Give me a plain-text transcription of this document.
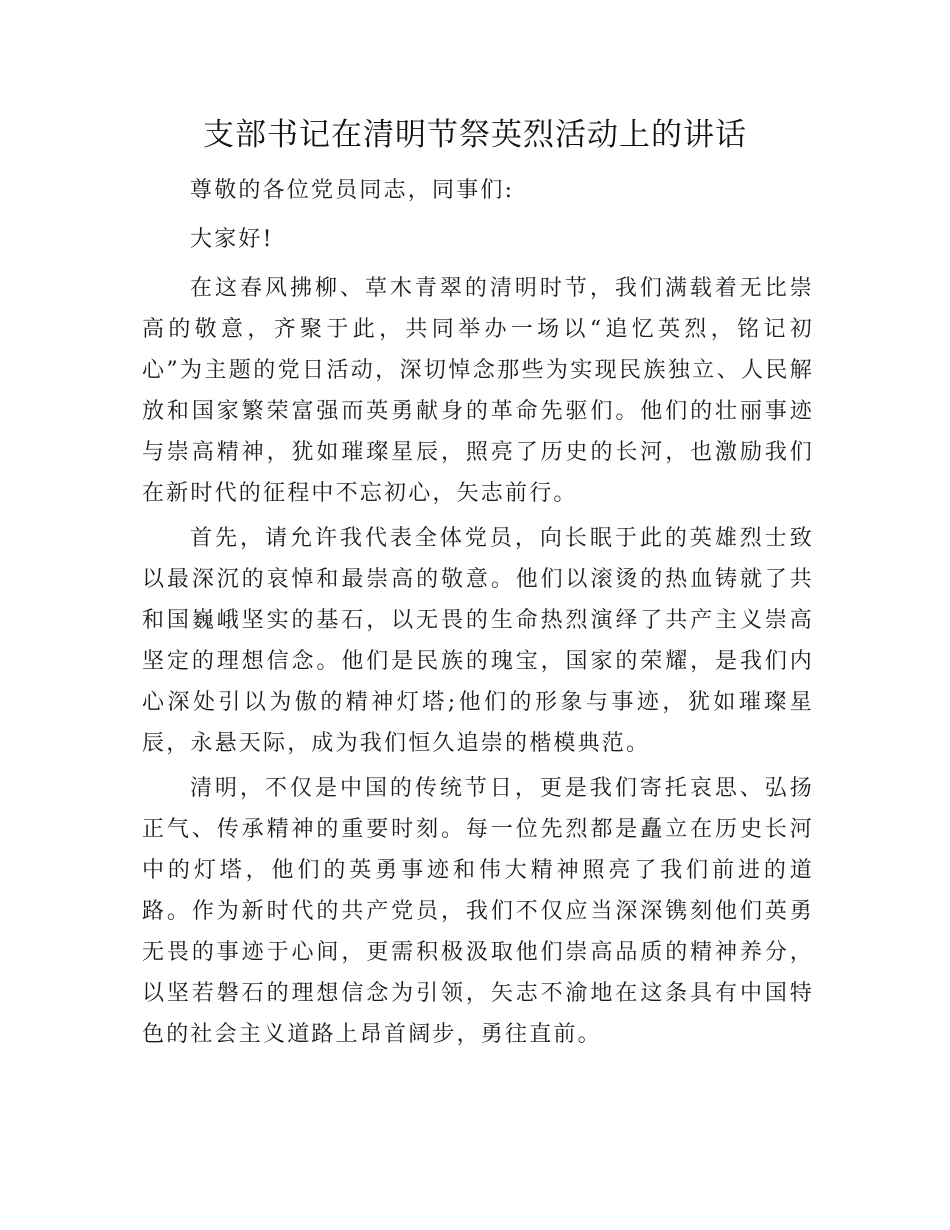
支部书记在清明节祭英烈活动上的讲话

尊敬的各位党员同志，同事们:

大家好!

在这春风拂柳、草木青翠的清明时节，我们满载着无比崇高的敬意，齐聚于此，共同举办一场以“追忆英烈，铭记初心”为主题的党日活动，深切悼念那些为实现民族独立、人民解放和国家繁荣富强而英勇献身的革命先驱们。他们的壮丽事迹与崇高精神，犹如璀璨星辰，照亮了历史的长河，也激励我们在新时代的征程中不忘初心，矢志前行。

首先，请允许我代表全体党员，向长眠于此的英雄烈士致以最深沉的哀悼和最崇高的敬意。他们以滚烫的热血铸就了共和国巍峨坚实的基石，以无畏的生命热烈演绎了共产主义崇高坚定的理想信念。他们是民族的瑰宝，国家的荣耀，是我们内心深处引以为傲的精神灯塔;他们的形象与事迹，犹如璀璨星辰，永悬天际，成为我们恒久追崇的楷模典范。

清明，不仅是中国的传统节日，更是我们寄托哀思、弘扬正气、传承精神的重要时刻。每一位先烈都是矗立在历史长河中的灯塔，他们的英勇事迹和伟大精神照亮了我们前进的道路。作为新时代的共产党员，我们不仅应当深深镌刻他们英勇无畏的事迹于心间，更需积极汲取他们崇高品质的精神养分，以坚若磐石的理想信念为引领，矢志不渝地在这条具有中国特色的社会主义道路上昂首阔步，勇往直前。
